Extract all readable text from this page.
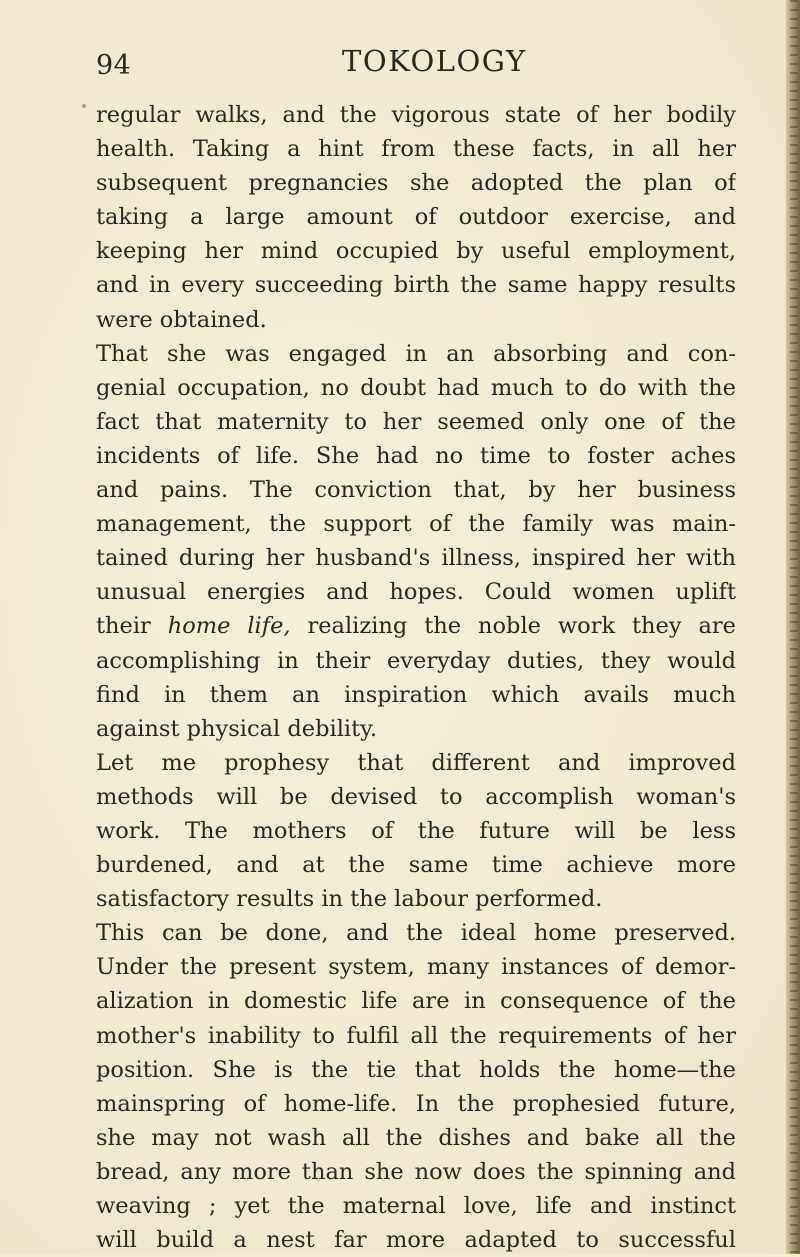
94	TOKOLOGY
regular walks, and the vigorous state of her bodily
health. Taking a hint from these facts, in all her
subsequent pregnancies she adopted the plan of
taking a large amount of outdoor exercise, and
keeping her mind occupied by useful employment,
and in every succeeding birth the same happy results
were obtained.
That she was engaged in an absorbing and con-
genial occupation, no doubt had much to do with the
fact that maternity to her seemed only one of the
incidents of life. She had no time to foster aches
and pains. The conviction that, by her business
management, the support of the family was main-
tained during her husband's illness, inspired her with
unusual energies and hopes. Could women uplift
their home life, realizing the noble work they are
accomplishing in their everyday duties, they would
find in them an inspiration which avails much
against physical debility.
Let me prophesy that different and improved
methods will be devised to accomplish woman's
work. The mothers of the future will be less
burdened, and at the same time achieve more
satisfactory results in the labour performed.
This can be done, and the ideal home preserved.
Under the present system, many instances of demor-
alization in domestic life are in consequence of the
mother's inability to fulfil all the requirements of her
position. She is the tie that holds the home—the
mainspring of home-life. In the prophesied future,
she may not wash all the dishes and bake all the
bread, any more than she now does the spinning and
weaving ; yet the maternal love, life and instinct
will build a nest far more adapted to successful
